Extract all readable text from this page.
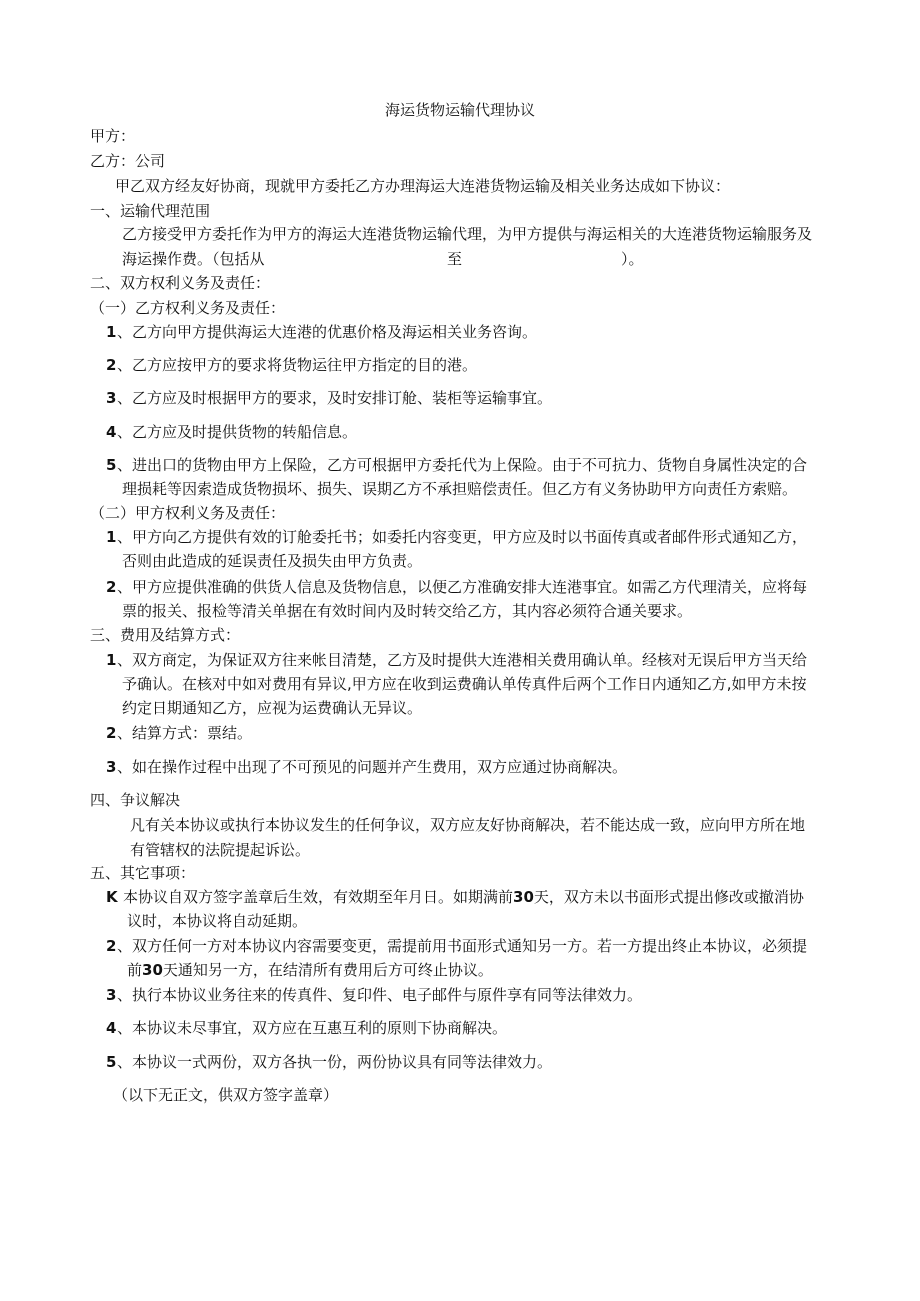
海运货物运输代理协议
甲方：
乙方：公司
甲乙双方经友好协商，现就甲方委托乙方办理海运大连港货物运输及相关业务达成如下协议：
一、运输代理范围
乙方接受甲方委托作为甲方的海运大连港货物运输代理，为甲方提供与海运相关的大连港货物运输服务及
海运操作费。（包括从	至	）。
二、双方权利义务及责任：
（一）乙方权利义务及责任：
1 、乙方向甲方提供海运大连港的优惠价格及海运相关业务咨询。
2 、乙方应按甲方的要求将货物运往甲方指定的目的港。
3 、乙方应及时根据甲方的要求，及时安排订舱、装柜等运输事宜。
4 、乙方应及时提供货物的转船信息。
5 、进出口的货物由甲方上保险，乙方可根据甲方委托代为上保险。由于不可抗力、货物自身属性决定的合
理损耗等因索造成货物损坏、损失、误期乙方不承担赔偿责任。但乙方有义务协助甲方向责任方索赔。
（二）甲方权利义务及责任：
1 、甲方向乙方提供有效的订舱委托书；如委托内容变更，甲方应及时以书面传真或者邮件形式通知乙方，
否则由此造成的延误责任及损失由甲方负责。
2 、甲方应提供准确的供货人信息及货物信息，以便乙方准确安排大连港事宜。如需乙方代理清关，应将每
票的报关、报检等清关单据在有效时间内及时转交给乙方，其内容必须符合通关要求。
三、费用及结算方式：
1 、双方商定，为保证双方往来帐目清楚，乙方及时提供大连港相关费用确认单。经核对无误后甲方当天给
予确认。在核对中如对费用有异议,甲方应在收到运费确认单传真件后两个工作日内通知乙方,如甲方未按
约定日期通知乙方，应视为运费确认无异议。
2 、结算方式：票结。
3 、如在操作过程中出现了不可预见的问题并产生费用，双方应通过协商解决。
四、争议解决
凡有关本协议或执行本协议发生的任何争议，双方应友好协商解决，若不能达成一致，应向甲方所在地
有管辖权的法院提起诉讼。
五、其它事项：
K 本协议自双方签字盖章后生效，有效期至年月日。如期满前30天，双方未以书面形式提出修改或撤消协
议时，本协议将自动延期。
2 、双方任何一方对本协议内容需要变更，需提前用书面形式通知另一方。若一方提出终止本协议，必须提
前30天通知另一方，在结清所有费用后方可终止协议。
3 、执行本协议业务往来的传真件、复印件、电子邮件与原件享有同等法律效力。
4 、本协议未尽事宜，双方应在互惠互利的原则下协商解决。
5 、本协议一式两份，双方各执一份，两份协议具有同等法律效力。
（以下无正文，供双方签字盖章）
